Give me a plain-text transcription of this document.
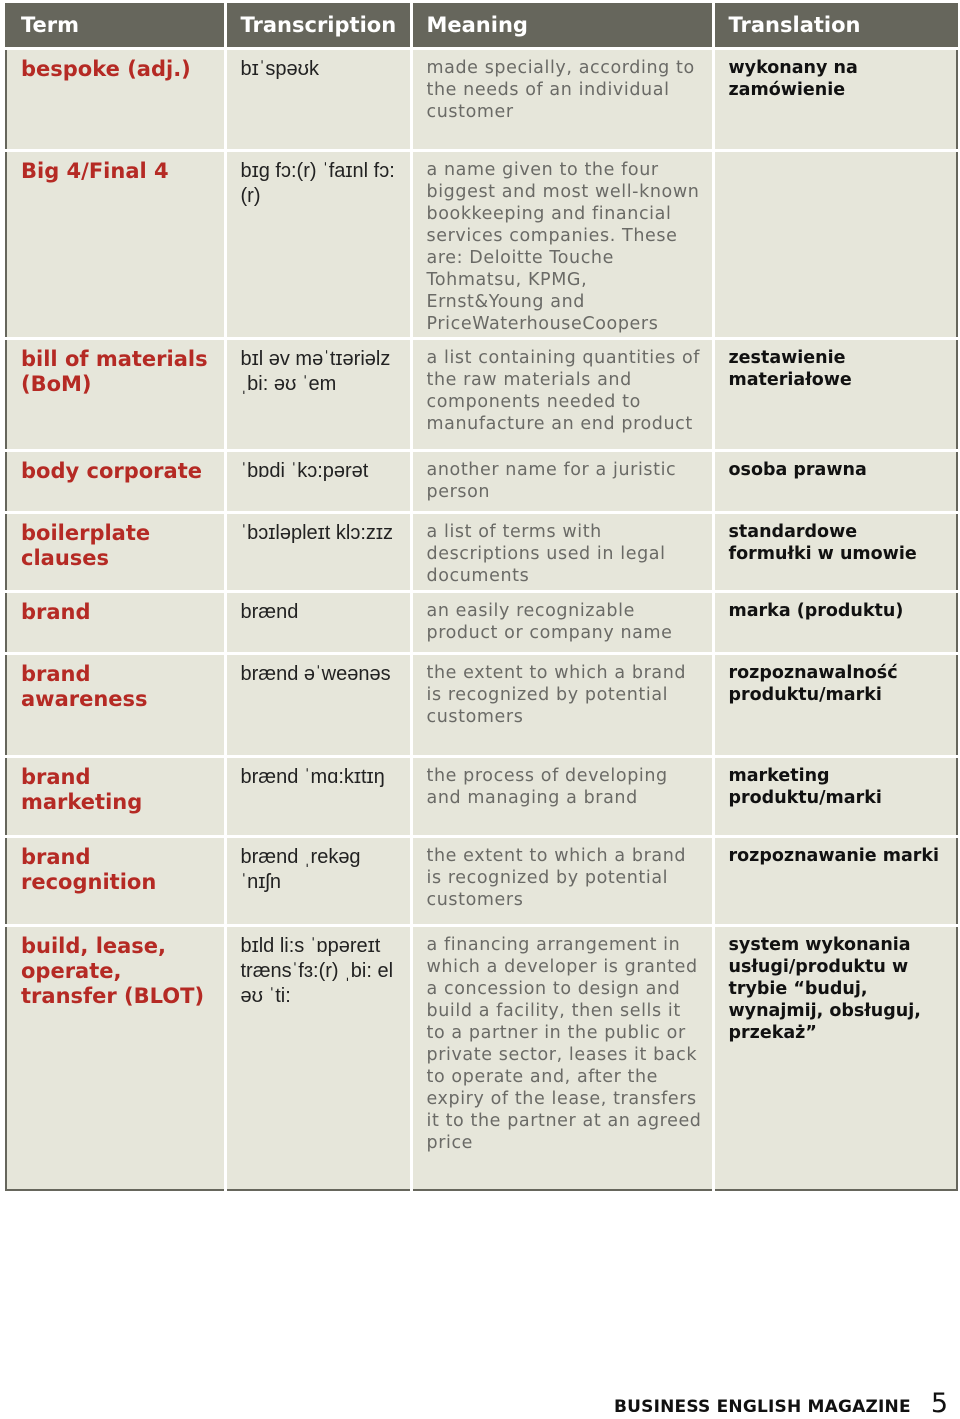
Term	Transcription	Meaning	Translation
bespoke (adj.)	bɪˈspəʊk	made specially, according to the needs of an individual customer	wykonany na zamówienie
Big 4/Final 4	bɪg fɔ:(r) ˈfaɪnl fɔ:(r)	a name given to the four biggest and most well-known bookkeeping and financial services companies. These are: Deloitte Touche Tohmatsu, KPMG, Ernst&Young and PriceWaterhouseCoopers	
bill of materials (BoM)	bɪl əv məˈtɪəriəlz ˌbi: əʊ ˈem	a list containing quantities of the raw materials and components needed to manufacture an end product	zestawienie materiałowe
body corporate	ˈbɒdi ˈkɔ:pərət	another name for a juristic person	osoba prawna
boilerplate clauses	ˈbɔɪləpleɪt klɔ:zɪz	a list of terms with descriptions used in legal documents	standardowe formułki w umowie
brand	brænd	an easily recognizable product or company name	marka (produktu)
brand awareness	brænd əˈweənəs	the extent to which a brand is recognized by potential customers	rozpoznawalność produktu/marki
brand marketing	brænd ˈmɑ:kɪtɪŋ	the process of developing and managing a brand	marketing produktu/marki
brand recognition	brænd ˌrekəgˈnɪʃn	the extent to which a brand is recognized by potential customers	rozpoznawanie marki
build, lease, operate, transfer (BLOT)	bɪld li:s ˈɒpəreɪt trænsˈfɜ:(r) ˌbi: el əʊ ˈti:	a financing arrangement in which a developer is granted a concession to design and build a facility, then sells it to a partner in the public or private sector, leases it back to operate and, after the expiry of the lease, transfers it to the partner at an agreed price	system wykonania usługi/produktu w trybie “buduj, wynajmij, obsługuj, przekaż”
BUSINESS ENGLISH MAGAZINE 5
